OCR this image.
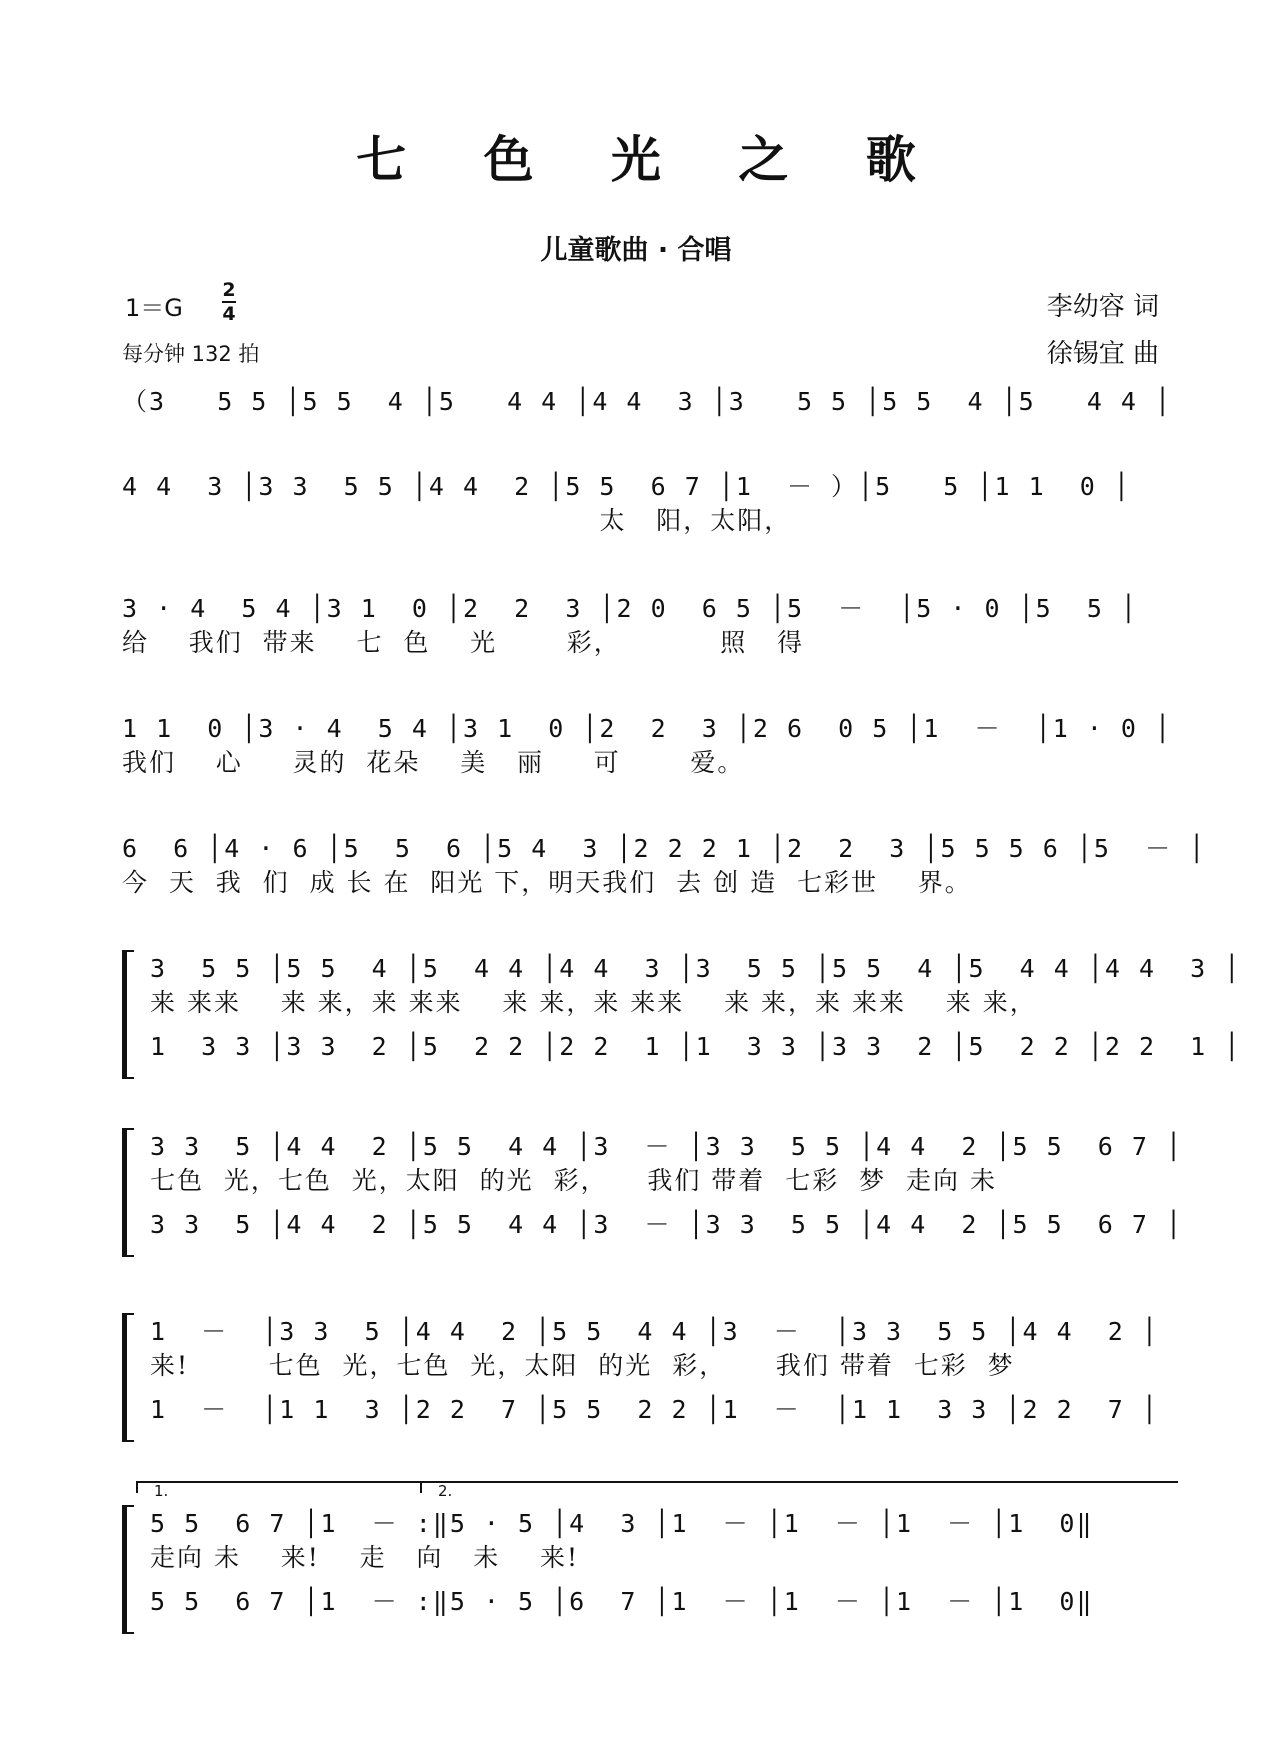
七 色 光 之 歌
儿童歌曲 · 合唱
1＝G
2
4
每分钟 132 拍
李幼容 词
徐锡宜 曲
（3   5 5 │5 5  4 │5   4 4 │4 4  3 │3   5 5 │5 5  4 │5   4 4 │
4 4  3 │3 3  5 5 │4 4  2 │5 5  6 7 │1  － ）│5   5 │1 1  0 │
太   阳，太阳，
3 · 4  5 4 │3 1  0 │2  2  3 │2 0  6 5 │5  －  │5 · 0 │5  5 │
给    我们  带来    七  色    光       彩，          照   得
1 1  0 │3 · 4  5 4 │3 1  0 │2  2  3 │2 6  0 5 │1  －  │1 · 0 │
我们    心     灵的  花朵    美   丽     可       爱。
6  6 │4 · 6 │5  5  6 │5 4  3 │2 2 2 1 │2  2  3 │5 5 5 6 │5  － │
今  天  我  们  成 长 在  阳光 下，明天我们  去 创 造  七彩世    界。
3  5 5 │5 5  4 │5  4 4 │4 4  3 │3  5 5 │5 5  4 │5  4 4 │4 4  3 │
来 来来    来 来，来 来来    来 来，来 来来    来 来，来 来来    来 来，
1  3 3 │3 3  2 │5  2 2 │2 2  1 │1  3 3 │3 3  2 │5  2 2 │2 2  1 │
3 3  5 │4 4  2 │5 5  4 4 │3  － │3 3  5 5 │4 4  2 │5 5  6 7 │
七色  光，七色  光，太阳  的光  彩，    我们 带着  七彩  梦  走向 未
3 3  5 │4 4  2 │5 5  4 4 │3  － │3 3  5 5 │4 4  2 │5 5  6 7 │
1  －  │3 3  5 │4 4  2 │5 5  4 4 │3  －  │3 3  5 5 │4 4  2 │
来!        七色  光，七色  光，太阳  的光  彩，     我们 带着  七彩  梦
1  －  │1 1  3 │2 2  7 │5 5  2 2 │1  －  │1 1  3 3 │2 2  7 │
1.	2.
5 5  6 7 │1  － :‖5 · 5 │4  3 │1  － │1  － │1  － │1  0‖
走向 未    来!    走   向   未    来!
5 5  6 7 │1  － :‖5 · 5 │6  7 │1  － │1  － │1  － │1  0‖
